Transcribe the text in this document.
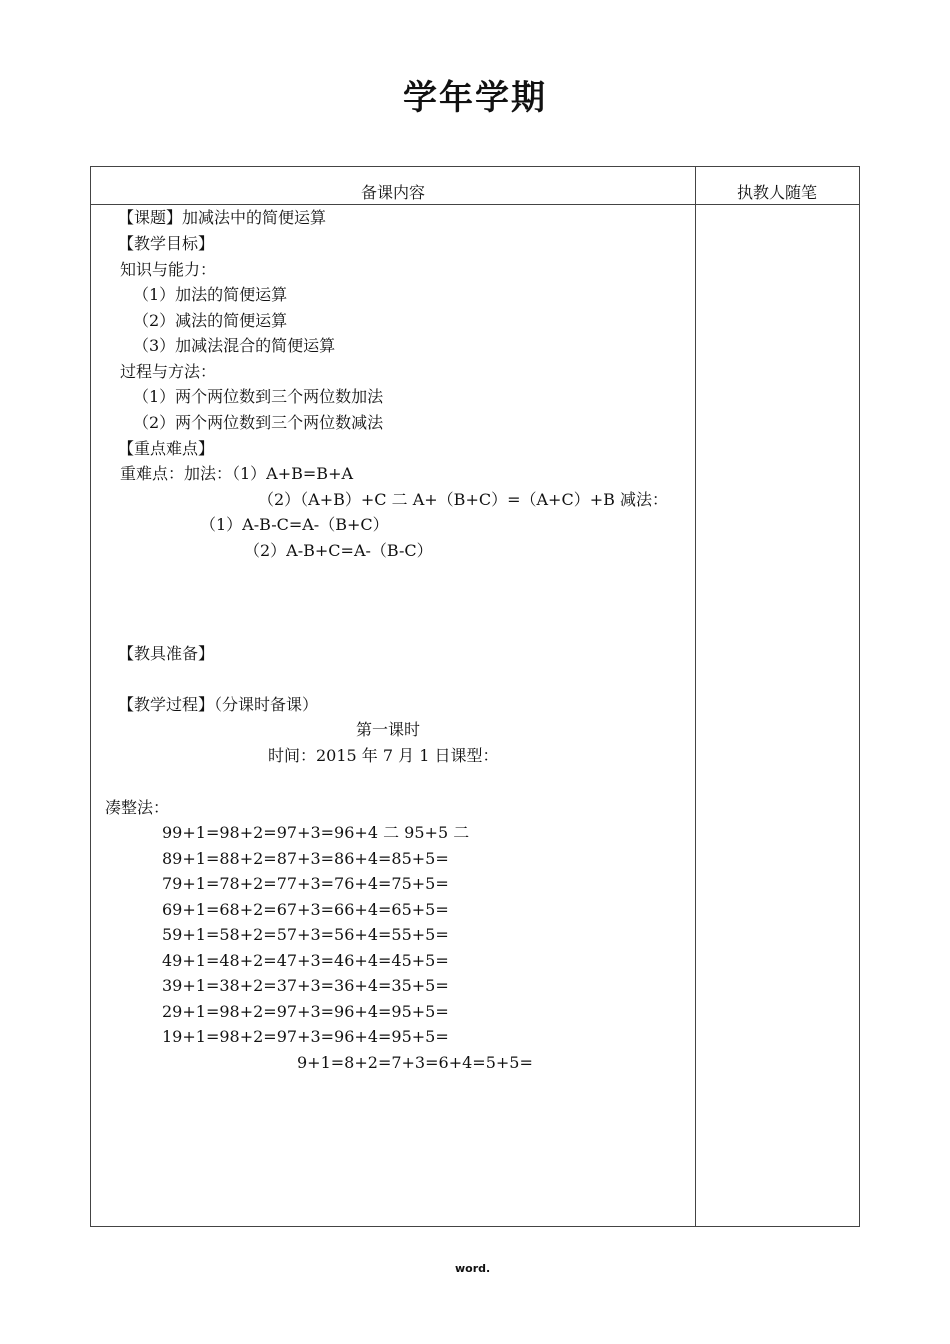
学年学期
备课内容	执教人随笔
【课题】加减法中的简便运算
【教学目标】
知识与能力：
（1）加法的简便运算
（2）减法的简便运算
（3）加减法混合的简便运算
过程与方法：
（1）两个两位数到三个两位数加法
（2）两个两位数到三个两位数减法
【重点难点】
重难点：加法：（1）A+B=B+A
（2）（A+B）+C 二 A+（B+C）=（A+C）+B 减法：
（1）A-B-C=A-（B+C）
（2）A-B+C=A-（B-C）
【教具准备】
【教学过程】（分课时备课）
第一课时
时间：2015 年 7 月 1 日课型：
凑整法：
99+1=98+2=97+3=96+4 二 95+5 二
89+1=88+2=87+3=86+4=85+5=
79+1=78+2=77+3=76+4=75+5=
69+1=68+2=67+3=66+4=65+5=
59+1=58+2=57+3=56+4=55+5=
49+1=48+2=47+3=46+4=45+5=
39+1=38+2=37+3=36+4=35+5=
29+1=98+2=97+3=96+4=95+5=
19+1=98+2=97+3=96+4=95+5=
9+1=8+2=7+3=6+4=5+5=
word.
